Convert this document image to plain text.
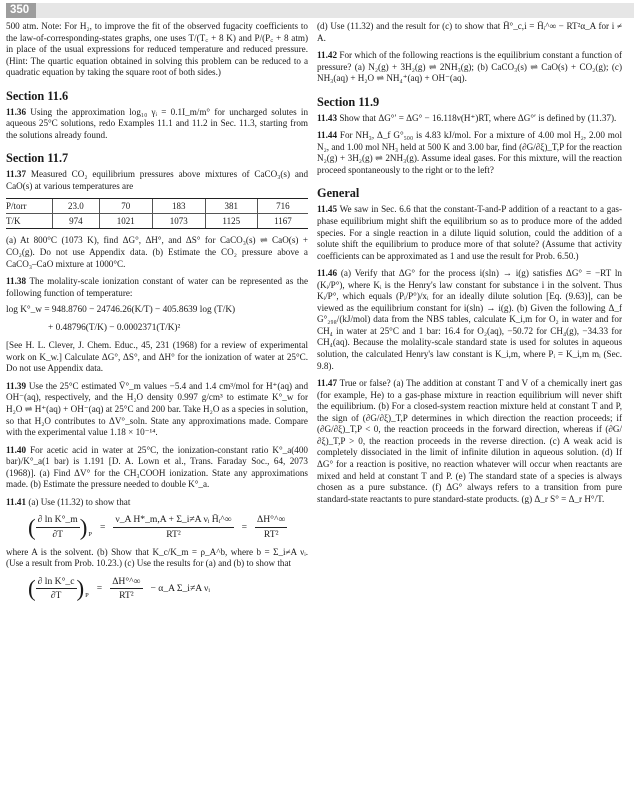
350

500 atm. Note: For H₂, to improve the fit of the observed fugacity coefficients to the law-of-corresponding-states graphs, one uses T/(T꜀ + 8 K) and P/(P꜀ + 8 atm) in place of the usual expressions for reduced temperature and reduced pressure. (Hint: The quartic equation obtained in solving this problem can be reduced to a quadratic equation by taking the square root of both sides.)

Section 11.6

11.36 Using the approximation log₁₀ γᵢ = 0.1I_m/m° for uncharged solutes in aqueous 25°C solutions, redo Examples 11.1 and 11.2 in Sec. 11.3, starting from the solutions already found.

Section 11.7

11.37 Measured CO₂ equilibrium pressures above mixtures of CaCO₃(s) and CaO(s) at various temperatures are

P/torr	23.0	70	183	381	716
T/K	974	1021	1073	1125	1167

(a) At 800°C (1073 K), find ΔG°, ΔH°, and ΔS° for CaCO₃(s) ⇌ CaO(s) + CO₂(g). Do not use Appendix data. (b) Estimate the CO₂ pressure above a CaCO₃–CaO mixture at 1000°C.

11.38 The molality-scale ionization constant of water can be represented as the following function of temperature:

log K°_w = 948.8760 − 24746.26(K/T) − 405.8639 log (T/K)
+ 0.48796(T/K) − 0.0002371(T/K)²

[See H. L. Clever, J. Chem. Educ., 45, 231 (1968) for a review of experimental work on K_w.] Calculate ΔG°, ΔS°, and ΔH° for the ionization of water at 25°C. Do not use Appendix data.

11.39 Use the 25°C estimated V̄°_m values −5.4 and 1.4 cm³/mol for H⁺(aq) and OH⁻(aq), respectively, and the H₂O density 0.997 g/cm³ to estimate K°_w for H₂O ⇌ H⁺(aq) + OH⁻(aq) at 25°C and 200 bar. Take H₂O as a species in solution, so that H₂O contributes to ΔV°_soln. State any approximations made. Compare with the experimental value 1.18 × 10⁻¹⁴.

11.40 For acetic acid in water at 25°C, the ionization-constant ratio K°_a(400 bar)/K°_a(1 bar) is 1.191 [D. A. Lown et al., Trans. Faraday Soc., 64, 2073 (1968)]. (a) Find ΔV° for the CH₃COOH ionization. State any approximations made. (b) Estimate the pressure needed to double K°_a.

11.41 (a) Use (11.32) to show that

( $\frac{\text{∂ ln K°\_m}}{\partial T}$ ) P
= $\frac{\text{ν\_A H*\_m,A + Σ\_i≠A νᵢ H̄ᵢ\textasciicircum{}∞}}{\text{RT²}} = \frac{\Delta H^\circ\^{}\infty}{\text{RT²}}$

where A is the solvent. (b) Show that K_c/K_m = ρ_A^b, where b = Σ_i≠A νᵢ. (Use a result from Prob. 10.23.) (c) Use the results for (a) and (b) to show that

( $\frac{\text{∂ ln K°\_c}}{\partial T}$ ) P
= $\frac{\Delta H^\circ\^{}\infty}{\text{RT²}}$ − α_A Σ_i≠A νᵢ

(d) Use (11.32) and the result for (c) to show that H̄°_c,i = H̄ᵢ^∞ − RT²α_A for i ≠ A.

11.42 For which of the following reactions is the equilibrium constant a function of pressure? (a) N₂(g) + 3H₂(g) ⇌ 2NH₃(g); (b) CaCO₃(s) ⇌ CaO(s) + CO₂(g); (c) NH₃(aq) + H₂O ⇌ NH₄⁺(aq) + OH⁻(aq).

Section 11.9

11.43 Show that ΔG°′ = ΔG° − 16.118ν(H⁺)RT, where ΔG°′ is defined by (11.37).

11.44 For NH₃, Δ_f G°₅₀₀ is 4.83 kJ/mol. For a mixture of 4.00 mol H₂, 2.00 mol N₂, and 1.00 mol NH₃ held at 500 K and 3.00 bar, find (∂G/∂ξ)_T,P for the reaction N₂(g) + 3H₂(g) ⇌ 2NH₃(g). Assume ideal gases. For this mixture, will the reaction proceed spontaneously to the right or to the left?

General

11.45 We saw in Sec. 6.6 that the constant-T-and-P addition of a reactant to a gas-phase equilibrium might shift the equilibrium so as to produce more of the added species. For a single reaction in a dilute liquid solution, could the addition of a solute shift the equilibrium to produce more of that solute? (Assume that activity coefficients can be approximated as 1 and use the result for Prob. 6.50.)

11.46 (a) Verify that ΔG° for the process i(sln) → i(g) satisfies ΔG° = −RT ln (Kᵢ/P°), where Kᵢ is the Henry's law constant for substance i in the solvent. Thus Kᵢ/P°, which equals (Pᵢ/P°)/xᵢ for an ideally dilute solution [Eq. (9.63)], can be viewed as the equilibrium constant for i(sln) → i(g). (b) Given the following Δ_f G°₂₉₈/(kJ/mol) data from the NBS tables, calculate K_i,m for O₂ in water and for CH₄ in water at 25°C and 1 bar: 16.4 for O₂(aq), −50.72 for CH₄(g), −34.33 for CH₄(aq). Because the molality-scale standard state is used for solutes in aqueous solution, the calculated Henry's law constant is K_i,m, where Pᵢ = K_i,m mᵢ (Sec. 9.8).

11.47 True or false? (a) The addition at constant T and V of a chemically inert gas (for example, He) to a gas-phase mixture in reaction equilibrium will never shift the equilibrium. (b) For a closed-system reaction mixture held at constant T and P, the sign of (∂G/∂ξ)_T,P determines in which direction the reaction proceeds; if (∂G/∂ξ)_T,P < 0, the reaction proceeds in the forward direction, whereas if (∂G/∂ξ)_T,P > 0, the reaction proceeds in the reverse direction. (c) A weak acid is completely dissociated in the limit of infinite dilution in aqueous solution. (d) If ΔG° for a reaction is positive, no reaction whatever will occur when reactants are mixed and held at constant T and P. (e) The standard state of a species is always chosen as a pure substance. (f) ΔG° always refers to a transition from pure standard-state reactants to pure standard-state products. (g) Δ_r S° = Δ_r H°/T.
